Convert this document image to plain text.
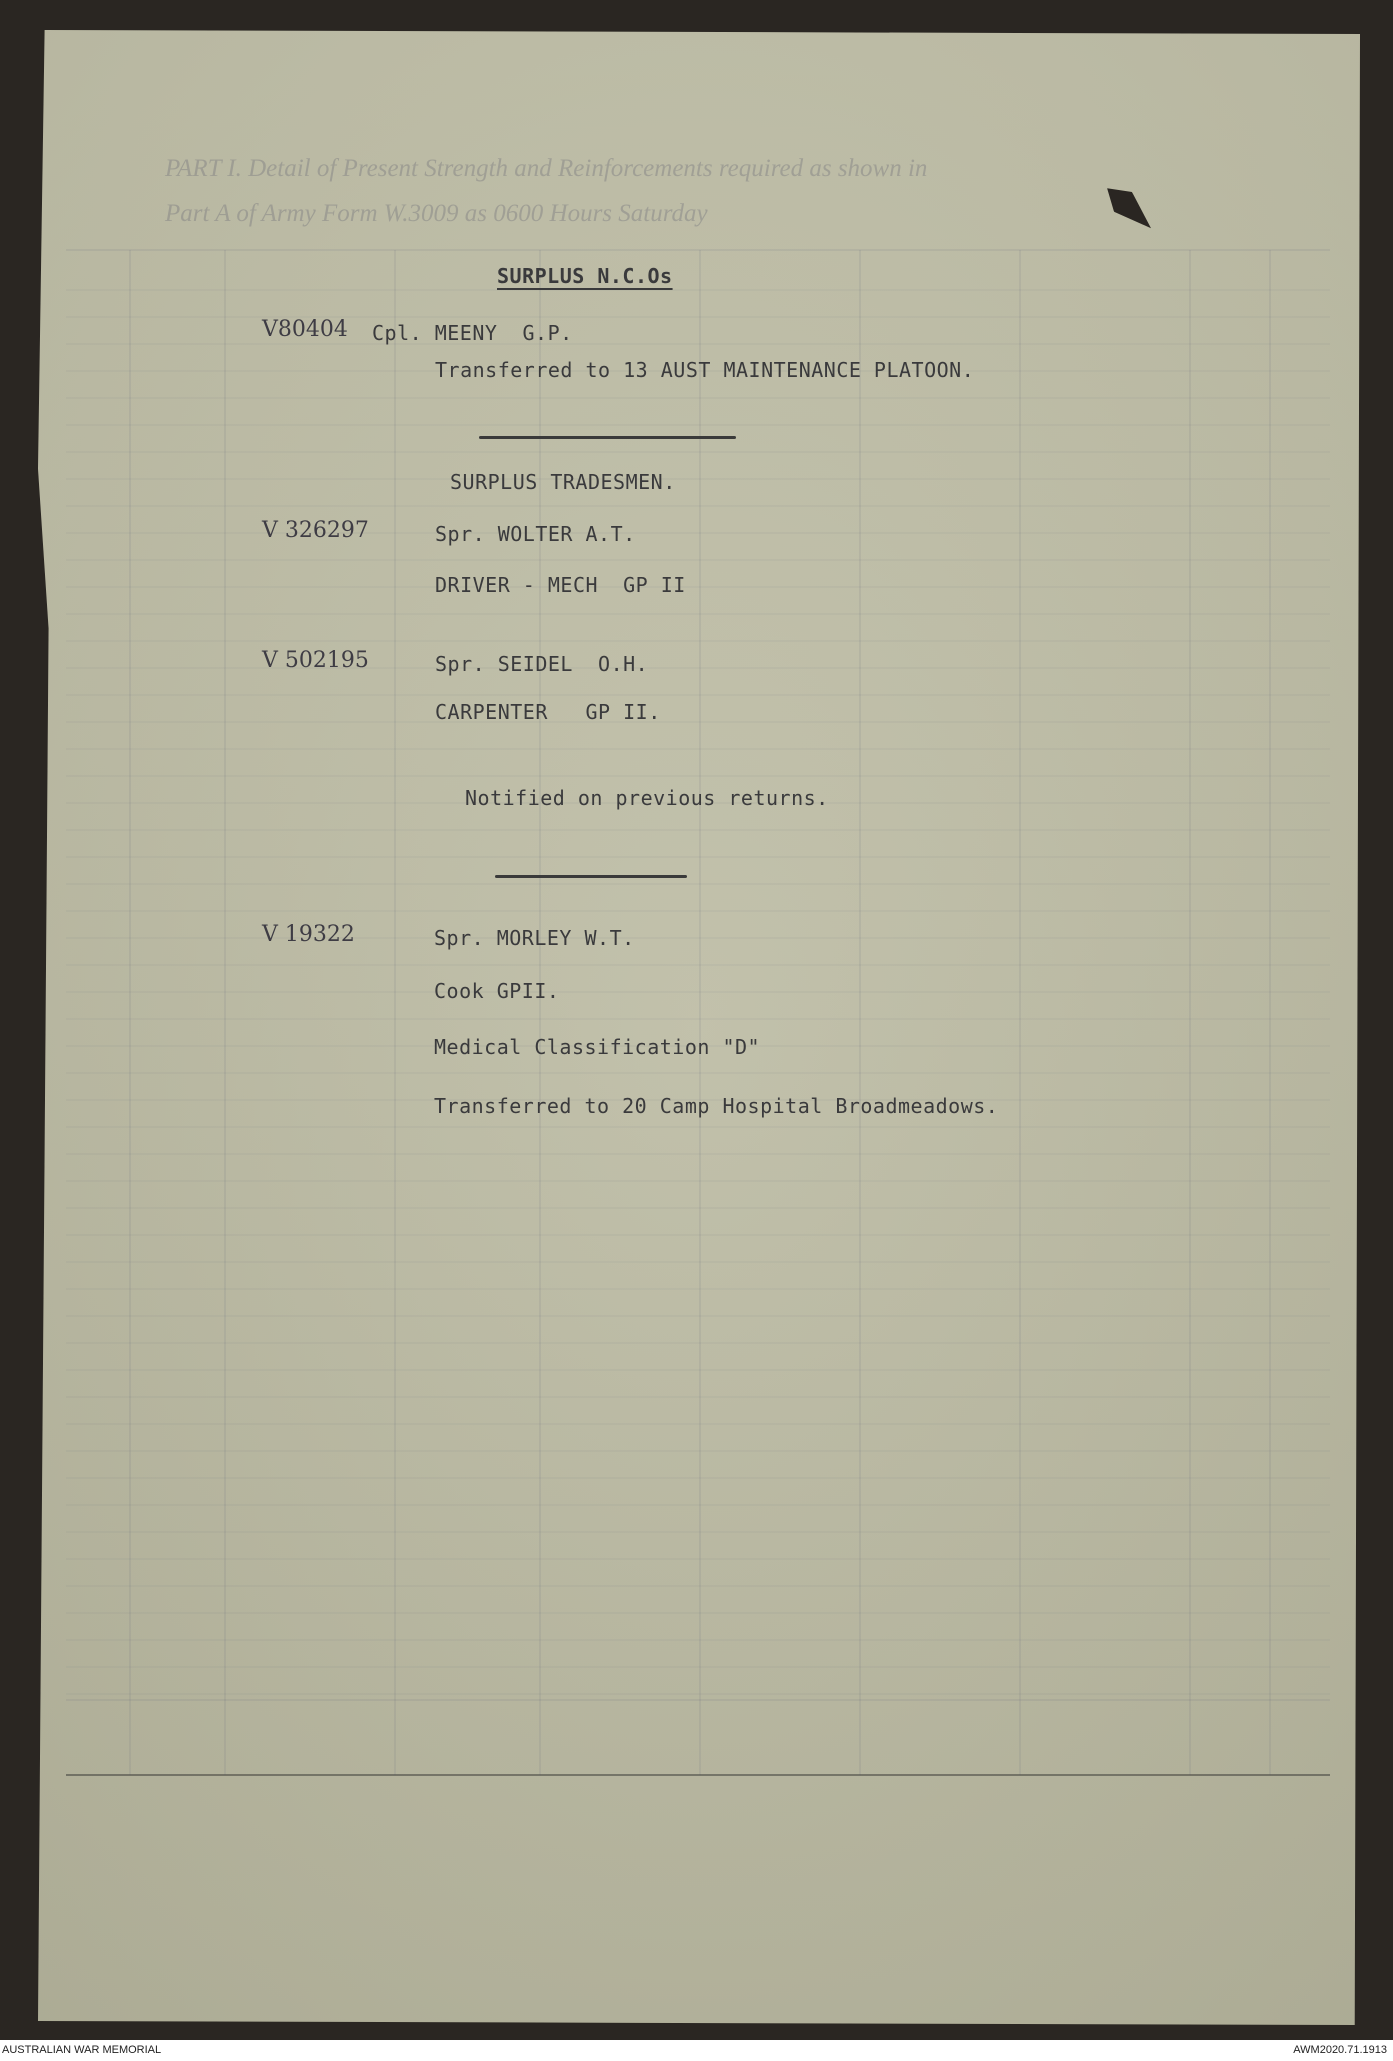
PART I. Detail of Present Strength and Reinforcements required as shown in
Part A of Army Form W.3009 as 0600 Hours Saturday
SURPLUS N.C.Os
V80404 Cpl. MEENY  G.P.
Transferred to 13 AUST MAINTENANCE PLATOON.
SURPLUS TRADESMEN.
V 326297	Spr. WOLTER A.T.
DRIVER - MECH  GP II
V 502195	Spr. SEIDEL  O.H.
CARPENTER   GP II.
Notified on previous returns.
V 19322	Spr. MORLEY W.T.
Cook GPII.
Medical Classification "D"
Transferred to 20 Camp Hospital Broadmeadows.
AUSTRALIAN WAR MEMORIAL	AWM2020.71.1913
